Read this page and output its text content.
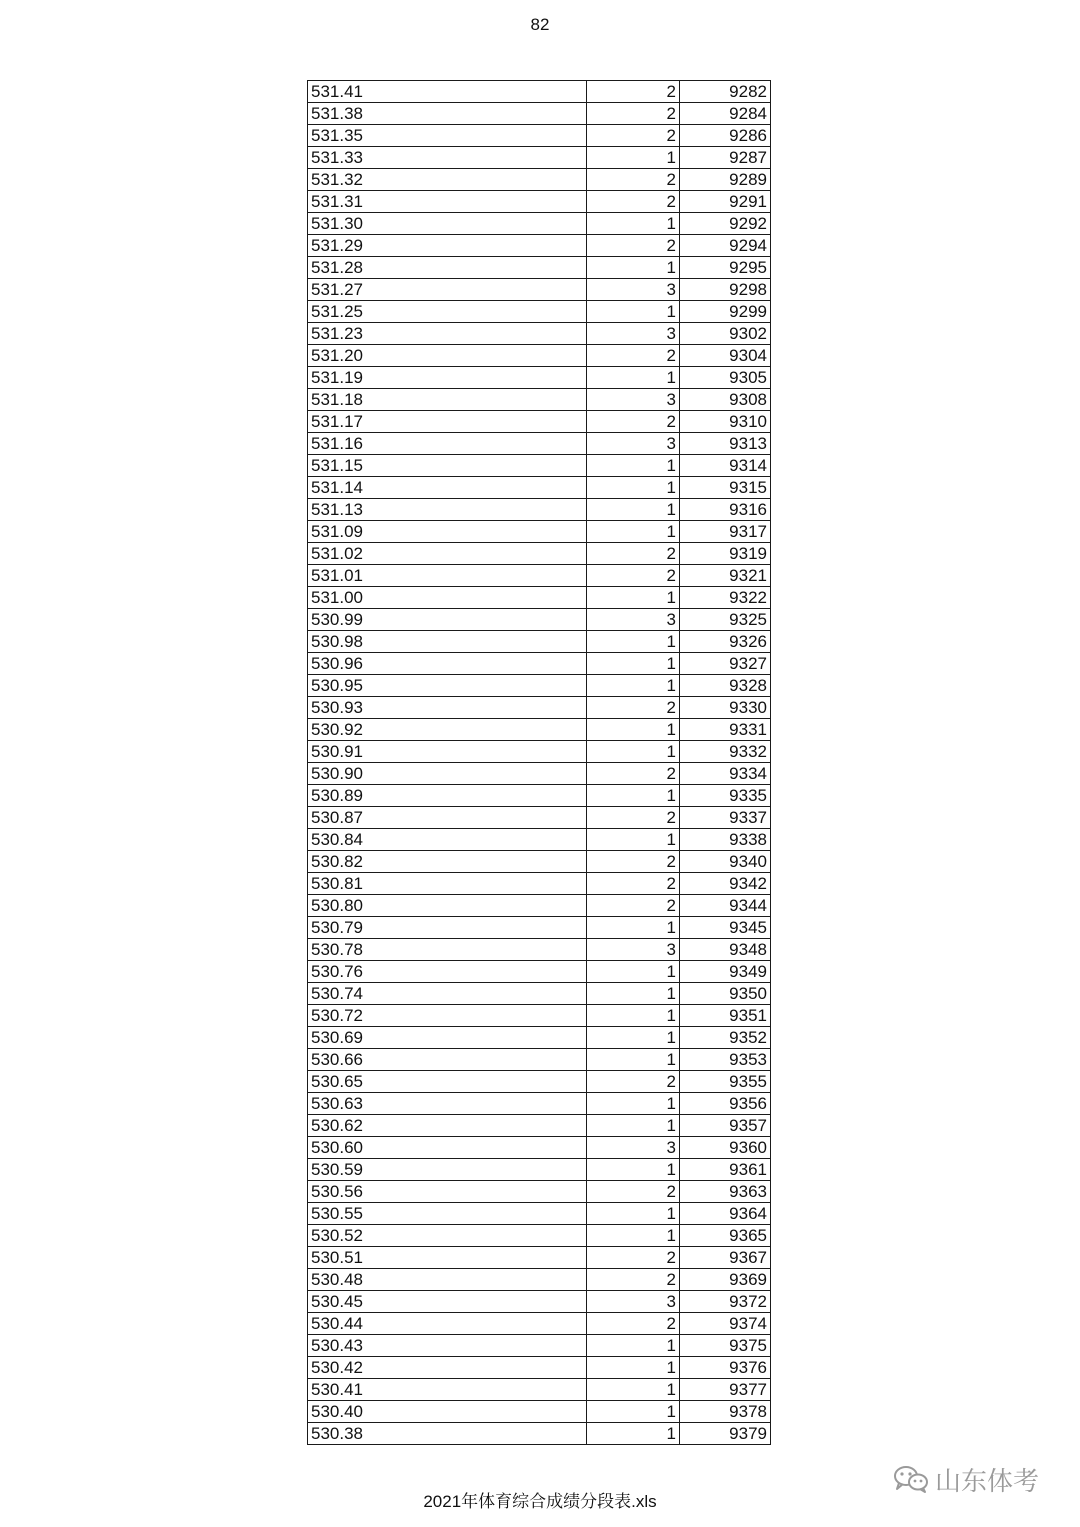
82
531.41	2	9282
531.38	2	9284
531.35	2	9286
531.33	1	9287
531.32	2	9289
531.31	2	9291
531.30	1	9292
531.29	2	9294
531.28	1	9295
531.27	3	9298
531.25	1	9299
531.23	3	9302
531.20	2	9304
531.19	1	9305
531.18	3	9308
531.17	2	9310
531.16	3	9313
531.15	1	9314
531.14	1	9315
531.13	1	9316
531.09	1	9317
531.02	2	9319
531.01	2	9321
531.00	1	9322
530.99	3	9325
530.98	1	9326
530.96	1	9327
530.95	1	9328
530.93	2	9330
530.92	1	9331
530.91	1	9332
530.90	2	9334
530.89	1	9335
530.87	2	9337
530.84	1	9338
530.82	2	9340
530.81	2	9342
530.80	2	9344
530.79	1	9345
530.78	3	9348
530.76	1	9349
530.74	1	9350
530.72	1	9351
530.69	1	9352
530.66	1	9353
530.65	2	9355
530.63	1	9356
530.62	1	9357
530.60	3	9360
530.59	1	9361
530.56	2	9363
530.55	1	9364
530.52	1	9365
530.51	2	9367
530.48	2	9369
530.45	3	9372
530.44	2	9374
530.43	1	9375
530.42	1	9376
530.41	1	9377
530.40	1	9378
530.38	1	9379
山东体考
2021年体育综合成绩分段表.xls
